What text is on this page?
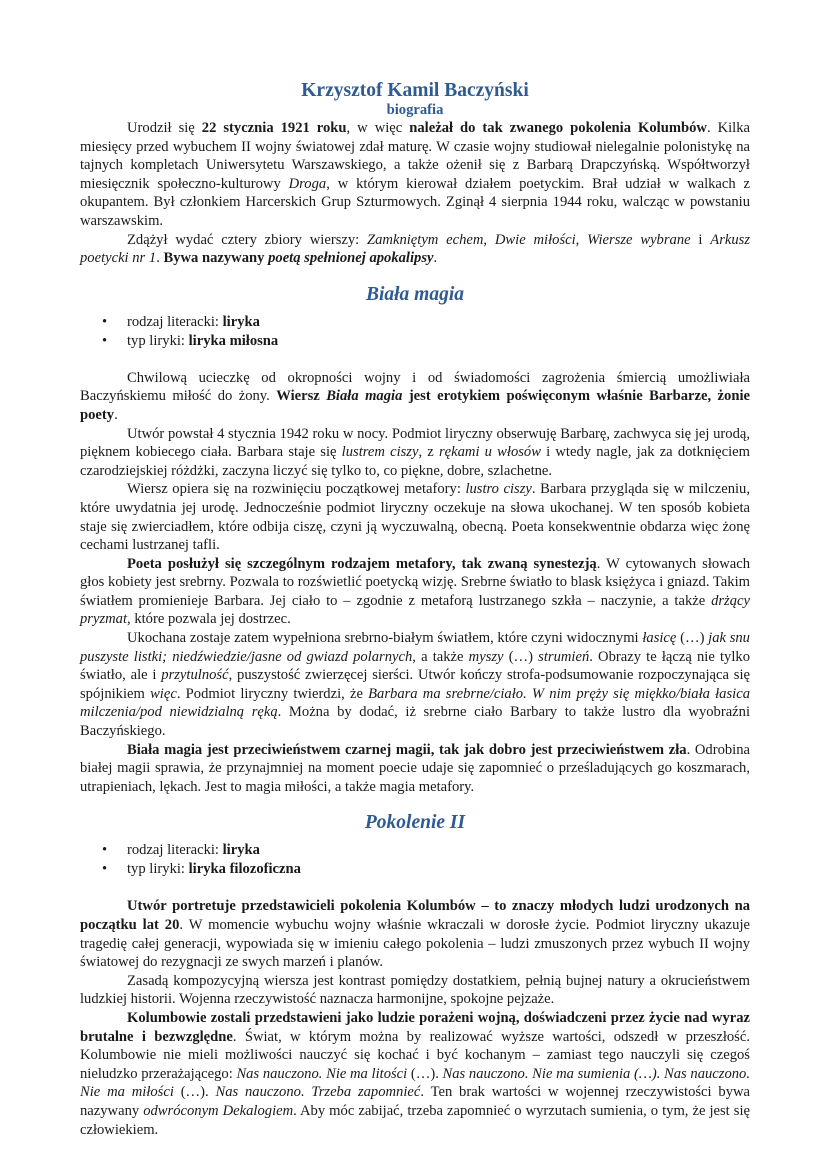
Krzysztof Kamil Baczyński
biografia

Urodził się 22 stycznia 1921 roku, w więc należał do tak zwanego pokolenia Kolumbów. Kilka miesięcy przed wybuchem II wojny światowej zdał maturę. W czasie wojny studiował nielegalnie polonistykę na tajnych kompletach Uniwersytetu Warszawskiego, a także ożenił się z Barbarą Drapczyńską. Współtworzył miesięcznik społeczno-kulturowy Droga, w którym kierował działem poetyckim. Brał udział w walkach z okupantem. Był członkiem Harcerskich Grup Szturmowych. Zginął 4 sierpnia 1944 roku, walcząc w powstaniu warszawskim.

Zdążył wydać cztery zbiory wierszy: Zamkniętym echem, Dwie miłości, Wiersze wybrane i Arkusz poetycki nr 1. Bywa nazywany poetą spełnionej apokalipsy.

Biała magia
• rodzaj literacki: liryka
• typ liryki: liryka miłosna

Chwilową ucieczkę od okropności wojny i od świadomości zagrożenia śmiercią umożliwiała Baczyńskiemu miłość do żony. Wiersz Biała magia jest erotykiem poświęconym właśnie Barbarze, żonie poety.

Utwór powstał 4 stycznia 1942 roku w nocy. Podmiot liryczny obserwuję Barbarę, zachwyca się jej urodą, pięknem kobiecego ciała. Barbara staje się lustrem ciszy, z rękami u włosów i wtedy nagle, jak za dotknięciem czarodziejskiej różdżki, zaczyna liczyć się tylko to, co piękne, dobre, szlachetne.

Wiersz opiera się na rozwinięciu początkowej metafory: lustro ciszy. Barbara przygląda się w milczeniu, które uwydatnia jej urodę. Jednocześnie podmiot liryczny oczekuje na słowa ukochanej. W ten sposób kobieta staje się zwierciadłem, które odbija ciszę, czyni ją wyczuwalną, obecną. Poeta konsekwentnie obdarza więc żonę cechami lustrzanej tafli.

Poeta posłużył się szczególnym rodzajem metafory, tak zwaną synestezją. W cytowanych słowach głos kobiety jest srebrny. Pozwala to rozświetlić poetycką wizję. Srebrne światło to blask księżyca i gniazd. Takim światłem promienieje Barbara. Jej ciało to – zgodnie z metaforą lustrzanego szkła – naczynie, a także drżący pryzmat, które pozwala jej dostrzec.

Ukochana zostaje zatem wypełniona srebrno-białym światłem, które czyni widocznymi łasicę (…) jak snu puszyste listki; niedźwiedzie/jasne od gwiazd polarnych, a także myszy (…) strumień. Obrazy te łączą nie tylko światło, ale i przytulność, puszystość zwierzęcej sierści. Utwór kończy strofa-podsumowanie rozpoczynająca się spójnikiem więc. Podmiot liryczny twierdzi, że Barbara ma srebrne/ciało. W nim pręży się miękko/biała łasica milczenia/pod niewidzialną ręką. Można by dodać, iż srebrne ciało Barbary to także lustro dla wyobraźni Baczyńskiego.

Biała magia jest przeciwieństwem czarnej magii, tak jak dobro jest przeciwieństwem zła. Odrobina białej magii sprawia, że przynajmniej na moment poecie udaje się zapomnieć o prześladujących go koszmarach, utrapieniach, lękach. Jest to magia miłości, a także magia metafory.

Pokolenie II
• rodzaj literacki: liryka
• typ liryki: liryka filozoficzna

Utwór portretuje przedstawicieli pokolenia Kolumbów – to znaczy młodych ludzi urodzonych na początku lat 20. W momencie wybuchu wojny właśnie wkraczali w dorosłe życie. Podmiot liryczny ukazuje tragedię całej generacji, wypowiada się w imieniu całego pokolenia – ludzi zmuszonych przez wybuch II wojny światowej do rezygnacji ze swych marzeń i planów.

Zasadą kompozycyjną wiersza jest kontrast pomiędzy dostatkiem, pełnią bujnej natury a okrucieństwem ludzkiej historii. Wojenna rzeczywistość naznacza harmonijne, spokojne pejzaże.

Kolumbowie zostali przedstawieni jako ludzie porażeni wojną, doświadczeni przez życie nad wyraz brutalne i bezwzględne. Świat, w którym można by realizować wyższe wartości, odszedł w przeszłość. Kolumbowie nie mieli możliwości nauczyć się kochać i być kochanym – zamiast tego nauczyli się czegoś nieludzko przerażającego: Nas nauczono. Nie ma litości (…). Nas nauczono. Nie ma sumienia (…). Nas nauczono. Nie ma miłości (…). Nas nauczono. Trzeba zapomnieć. Ten brak wartości w wojennej rzeczywistości bywa nazywany odwróconym Dekalogiem. Aby móc zabijać, trzeba zapomnieć o wyrzutach sumienia, o tym, że jest się człowiekiem.
